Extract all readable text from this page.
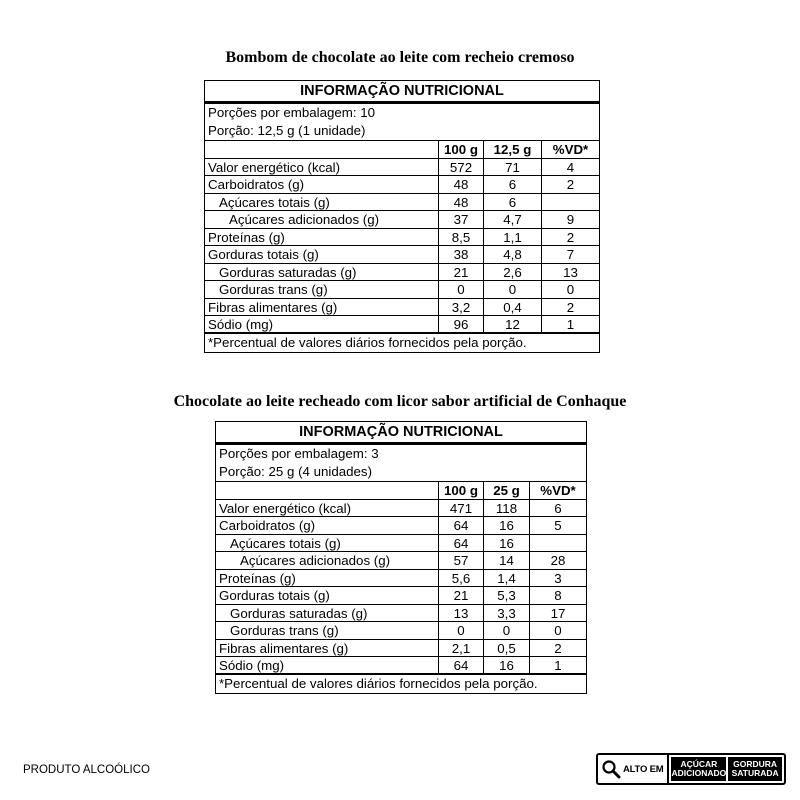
Bombom de chocolate ao leite com recheio cremoso
INFORMAÇÃO NUTRICIONAL
Porções por embalagem: 10
Porção: 12,5 g (1 unidade)
100 g	12,5 g	%VD*
Valor energético (kcal)	572	71	4
Carboidratos (g)	48	6	2
Açúcares totais (g)	48	6
Açúcares adicionados (g)	37	4,7	9
Proteínas (g)	8,5	1,1	2
Gorduras totais (g)	38	4,8	7
Gorduras saturadas (g)	21	2,6	13
Gorduras trans (g)	0	0	0
Fibras alimentares (g)	3,2	0,4	2
Sódio (mg)	96	12	1
*Percentual de valores diários fornecidos pela porção.
Chocolate ao leite recheado com licor sabor artificial de Conhaque
INFORMAÇÃO NUTRICIONAL
Porções por embalagem: 3
Porção: 25 g (4 unidades)
100 g	25 g	%VD*
Valor energético (kcal)	471	118	6
Carboidratos (g)	64	16	5
Açúcares totais (g)	64	16
Açúcares adicionados (g)	57	14	28
Proteínas (g)	5,6	1,4	3
Gorduras totais (g)	21	5,3	8
Gorduras saturadas (g)	13	3,3	17
Gorduras trans (g)	0	0	0
Fibras alimentares (g)	2,1	0,5	2
Sódio (mg)	64	16	1
*Percentual de valores diários fornecidos pela porção.
PRODUTO ALCOÓLICO	ALTO EM	AÇÚCAR
ADICIONADO
GORDURA
SATURADA
